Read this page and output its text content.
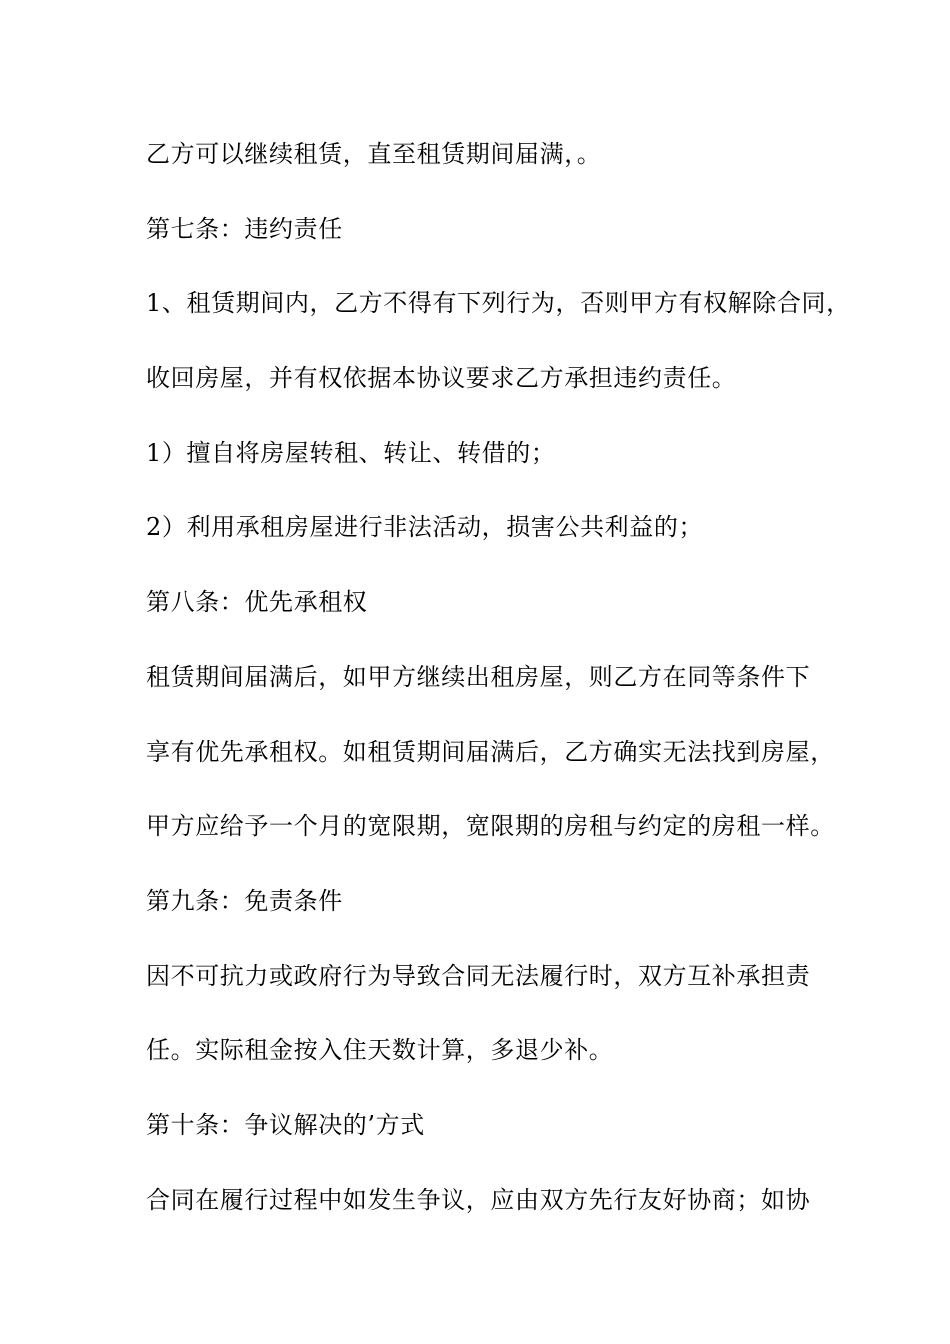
乙方可以继续租赁，直至租赁期间届满，。

第七条：违约责任

1、租赁期间内，乙方不得有下列行为，否则甲方有权解除合同，

收回房屋，并有权依据本协议要求乙方承担违约责任。

1）擅自将房屋转租、转让、转借的；

2）利用承租房屋进行非法活动，损害公共利益的；

第八条：优先承租权

租赁期间届满后，如甲方继续出租房屋，则乙方在同等条件下

享有优先承租权。如租赁期间届满后，乙方确实无法找到房屋，

甲方应给予一个月的宽限期，宽限期的房租与约定的房租一样。

第九条：免责条件

因不可抗力或政府行为导致合同无法履行时，双方互补承担责

任。实际租金按入住天数计算，多退少补。

第十条：争议解决的’方式

合同在履行过程中如发生争议，应由双方先行友好协商；如协
